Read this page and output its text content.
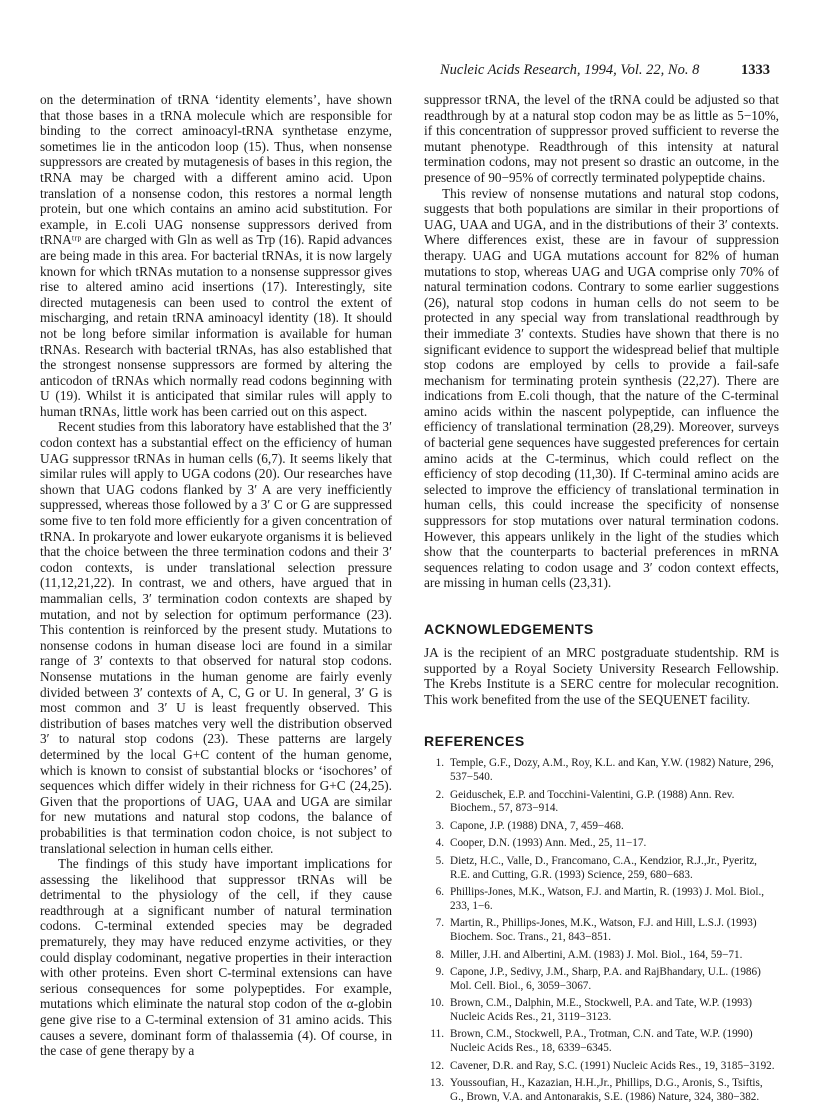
Nucleic Acids Research, 1994, Vol. 22, No. 8	1333

on the determination of tRNA ‘identity elements’, have shown that those bases in a tRNA molecule which are responsible for binding to the correct aminoacyl-tRNA synthetase enzyme, sometimes lie in the anticodon loop (15). Thus, when nonsense suppressors are created by mutagenesis of bases in this region, the tRNA may be charged with a different amino acid. Upon translation of a nonsense codon, this restores a normal length protein, but one which contains an amino acid substitution. For example, in E.coli UAG nonsense suppressors derived from tRNAᵗʳᵖ are charged with Gln as well as Trp (16). Rapid advances are being made in this area. For bacterial tRNAs, it is now largely known for which tRNAs mutation to a nonsense suppressor gives rise to altered amino acid insertions (17). Interestingly, site directed mutagenesis can been used to control the extent of mischarging, and retain tRNA aminoacyl identity (18). It should not be long before similar information is available for human tRNAs. Research with bacterial tRNAs, has also established that the strongest nonsense suppressors are formed by altering the anticodon of tRNAs which normally read codons beginning with U (19). Whilst it is anticipated that similar rules will apply to human tRNAs, little work has been carried out on this aspect.

Recent studies from this laboratory have established that the 3′ codon context has a substantial effect on the efficiency of human UAG suppressor tRNAs in human cells (6,7). It seems likely that similar rules will apply to UGA codons (20). Our researches have shown that UAG codons flanked by 3′ A are very inefficiently suppressed, whereas those followed by a 3′ C or G are suppressed some five to ten fold more efficiently for a given concentration of tRNA. In prokaryote and lower eukaryote organisms it is believed that the choice between the three termination codons and their 3′ codon contexts, is under translational selection pressure (11,12,21,22). In contrast, we and others, have argued that in mammalian cells, 3′ termination codon contexts are shaped by mutation, and not by selection for optimum performance (23). This contention is reinforced by the present study. Mutations to nonsense codons in human disease loci are found in a similar range of 3′ contexts to that observed for natural stop codons. Nonsense mutations in the human genome are fairly evenly divided between 3′ contexts of A, C, G or U. In general, 3′ G is most common and 3′ U is least frequently observed. This distribution of bases matches very well the distribution observed 3′ to natural stop codons (23). These patterns are largely determined by the local G+C content of the human genome, which is known to consist of substantial blocks or ‘isochores’ of sequences which differ widely in their richness for G+C (24,25). Given that the proportions of UAG, UAA and UGA are similar for new mutations and natural stop codons, the balance of probabilities is that termination codon choice, is not subject to translational selection in human cells either.

The findings of this study have important implications for assessing the likelihood that suppressor tRNAs will be detrimental to the physiology of the cell, if they cause readthrough at a significant number of natural termination codons. C-terminal extended species may be degraded prematurely, they may have reduced enzyme activities, or they could display codominant, negative properties in their interaction with other proteins. Even short C-terminal extensions can have serious consequences for some polypeptides. For example, mutations which eliminate the natural stop codon of the α-globin gene give rise to a C-terminal extension of 31 amino acids. This causes a severe, dominant form of thalassemia (4). Of course, in the case of gene therapy by a

suppressor tRNA, the level of the tRNA could be adjusted so that readthrough by at a natural stop codon may be as little as 5−10%, if this concentration of suppressor proved sufficient to reverse the mutant phenotype. Readthrough of this intensity at natural termination codons, may not present so drastic an outcome, in the presence of 90−95% of correctly terminated polypeptide chains.

This review of nonsense mutations and natural stop codons, suggests that both populations are similar in their proportions of UAG, UAA and UGA, and in the distributions of their 3′ contexts. Where differences exist, these are in favour of suppression therapy. UAG and UGA mutations account for 82% of human mutations to stop, whereas UAG and UGA comprise only 70% of natural termination codons. Contrary to some earlier suggestions (26), natural stop codons in human cells do not seem to be protected in any special way from translational readthrough by their immediate 3′ contexts. Studies have shown that there is no significant evidence to support the widespread belief that multiple stop codons are employed by cells to provide a fail-safe mechanism for terminating protein synthesis (22,27). There are indications from E.coli though, that the nature of the C-terminal amino acids within the nascent polypeptide, can influence the efficiency of translational termination (28,29). Moreover, surveys of bacterial gene sequences have suggested preferences for certain amino acids at the C-terminus, which could reflect on the efficiency of stop decoding (11,30). If C-terminal amino acids are selected to improve the efficiency of translational termination in human cells, this could increase the specificity of nonsense suppressors for stop mutations over natural termination codons. However, this appears unlikely in the light of the studies which show that the counterparts to bacterial preferences in mRNA sequences relating to codon usage and 3′ codon context effects, are missing in human cells (23,31).

ACKNOWLEDGEMENTS

JA is the recipient of an MRC postgraduate studentship. RM is supported by a Royal Society University Research Fellowship. The Krebs Institute is a SERC centre for molecular recognition. This work benefited from the use of the SEQUENET facility.

REFERENCES
1. Temple, G.F., Dozy, A.M., Roy, K.L. and Kan, Y.W. (1982) Nature, 296, 537−540.
2. Geiduschek, E.P. and Tocchini-Valentini, G.P. (1988) Ann. Rev. Biochem., 57, 873−914.
3. Capone, J.P. (1988) DNA, 7, 459−468.
4. Cooper, D.N. (1993) Ann. Med., 25, 11−17.
5. Dietz, H.C., Valle, D., Francomano, C.A., Kendzior, R.J.,Jr., Pyeritz, R.E. and Cutting, G.R. (1993) Science, 259, 680−683.
6. Phillips-Jones, M.K., Watson, F.J. and Martin, R. (1993) J. Mol. Biol., 233, 1−6.
7. Martin, R., Phillips-Jones, M.K., Watson, F.J. and Hill, L.S.J. (1993) Biochem. Soc. Trans., 21, 843−851.
8. Miller, J.H. and Albertini, A.M. (1983) J. Mol. Biol., 164, 59−71.
9. Capone, J.P., Sedivy, J.M., Sharp, P.A. and RajBhandary, U.L. (1986) Mol. Cell. Biol., 6, 3059−3067.
10. Brown, C.M., Dalphin, M.E., Stockwell, P.A. and Tate, W.P. (1993) Nucleic Acids Res., 21, 3119−3123.
11. Brown, C.M., Stockwell, P.A., Trotman, C.N. and Tate, W.P. (1990) Nucleic Acids Res., 18, 6339−6345.
12. Cavener, D.R. and Ray, S.C. (1991) Nucleic Acids Res., 19, 3185−3192.
13. Youssoufian, H., Kazazian, H.H.,Jr., Phillips, D.G., Aronis, S., Tsiftis, G., Brown, V.A. and Antonarakis, S.E. (1986) Nature, 324, 380−382.
